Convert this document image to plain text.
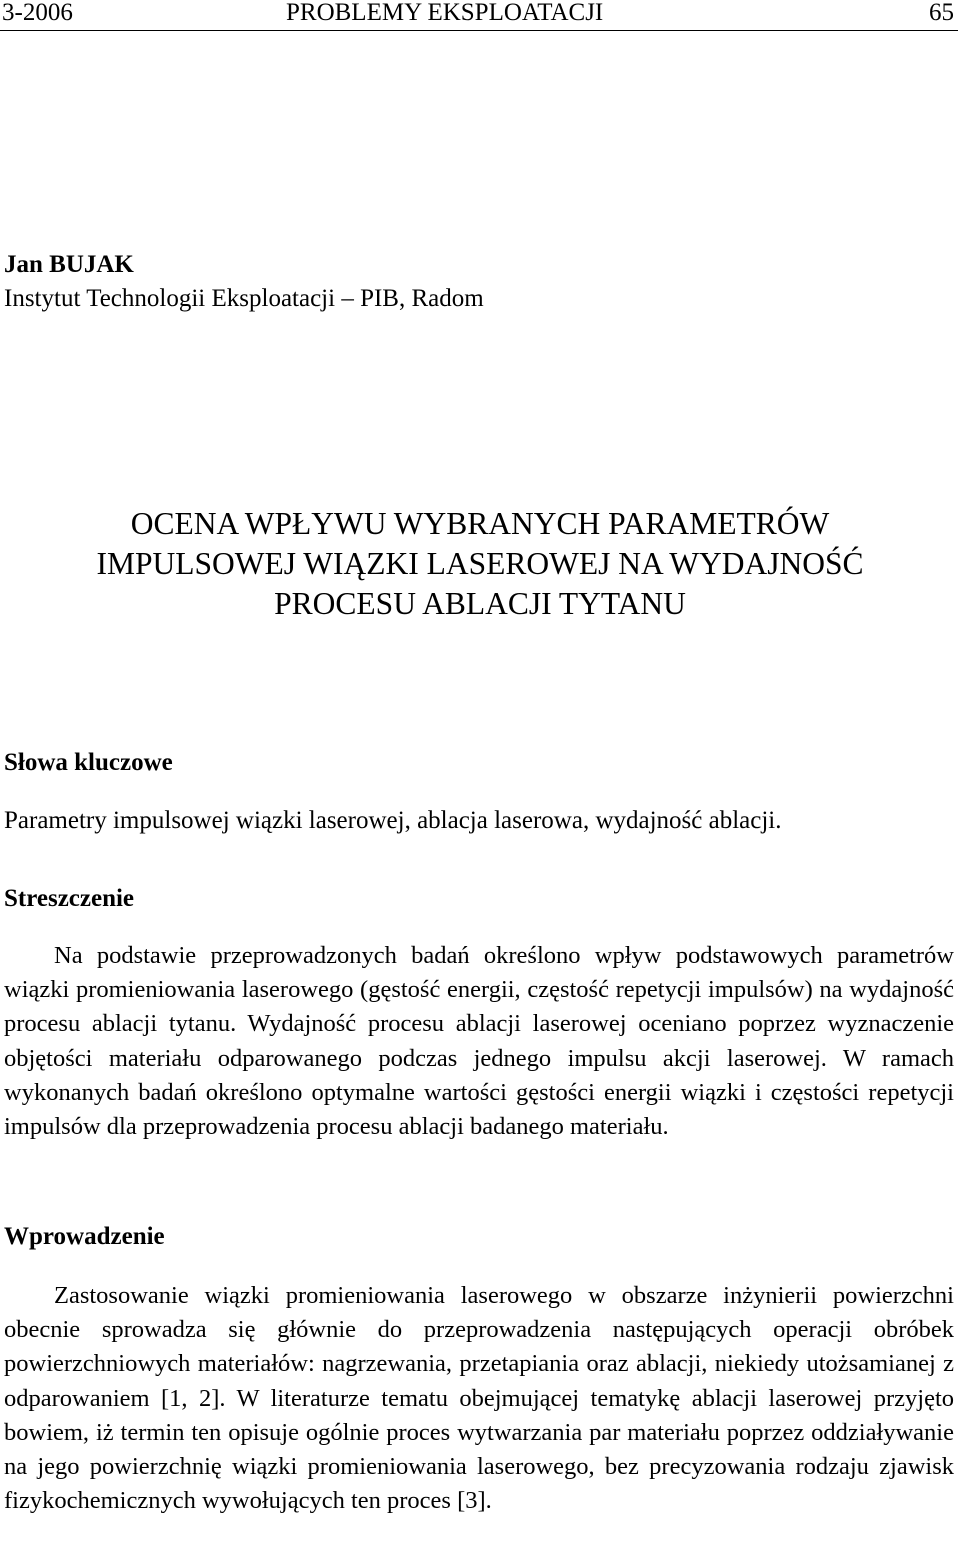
3-2006	PROBLEMY EKSPLOATACJI	65
Jan BUJAK
Instytut Technologii Eksploatacji – PIB, Radom
OCENA WPŁYWU WYBRANYCH PARAMETRÓW
IMPULSOWEJ WIĄZKI LASEROWEJ NA WYDAJNOŚĆ
PROCESU ABLACJI TYTANU
Słowa kluczowe
Parametry impulsowej wiązki laserowej, ablacja laserowa, wydajność ablacji.
Streszczenie
Na podstawie przeprowadzonych badań określono wpływ podstawowych parametrów wiązki promieniowania laserowego (gęstość energii, częstość repetycji impulsów) na wydajność procesu ablacji tytanu. Wydajność procesu ablacji laserowej oceniano poprzez wyznaczenie objętości materiału odparowanego podczas jednego impulsu akcji laserowej. W ramach wykonanych badań określono optymalne wartości gęstości energii wiązki i częstości repetycji impulsów dla przeprowadzenia procesu ablacji badanego materiału.
Wprowadzenie
Zastosowanie wiązki promieniowania laserowego w obszarze inżynierii powierzchni obecnie sprowadza się głównie do przeprowadzenia następujących operacji obróbek powierzchniowych materiałów: nagrzewania, przetapiania oraz ablacji, niekiedy utożsamianej z odparowaniem [1, 2]. W literaturze tematu obejmującej tematykę ablacji laserowej przyjęto bowiem, iż termin ten opisuje ogólnie proces wytwarzania par materiału poprzez oddziaływanie na jego powierzchnię wiązki promieniowania laserowego, bez precyzowania rodzaju zjawisk fizykochemicznych wywołujących ten proces [3].
